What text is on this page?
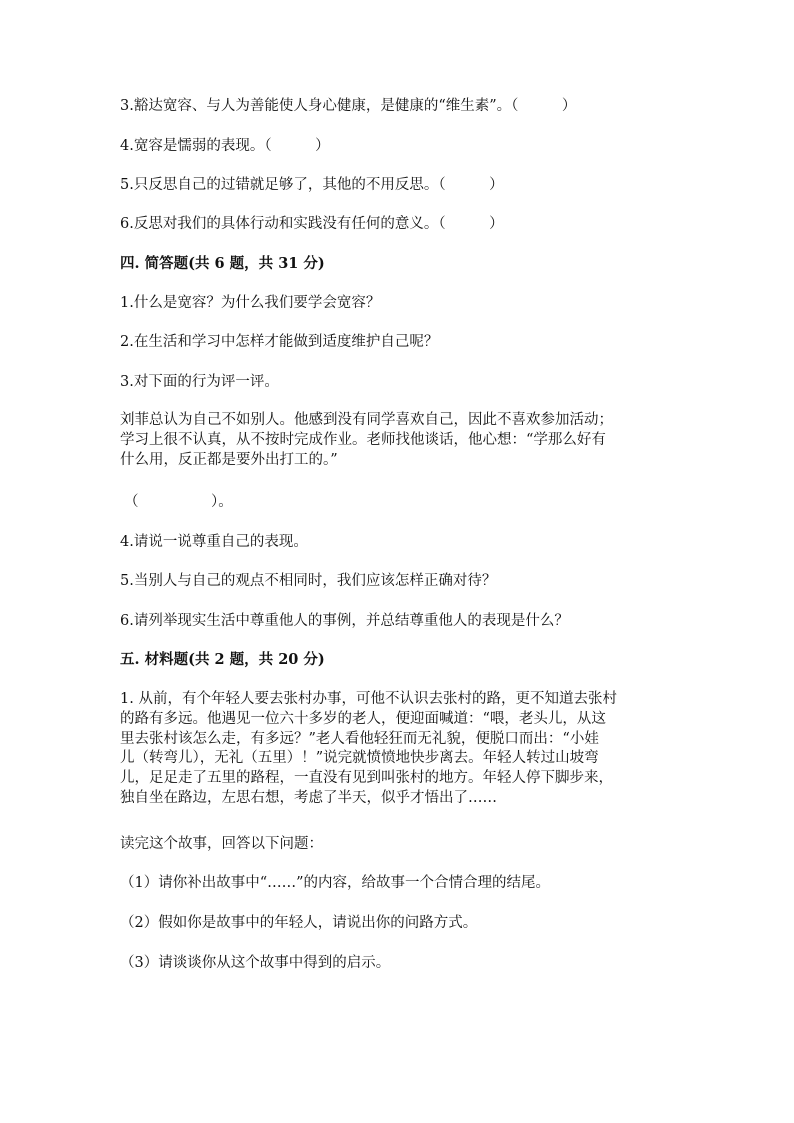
3.豁达宽容、与人为善能使人身心健康，是健康的“维生素”。（　　　）
4.宽容是懦弱的表现。（　　　）
5.只反思自己的过错就足够了，其他的不用反思。（　　　）
6.反思对我们的具体行动和实践没有任何的意义。（　　　）
四. 简答题(共 6 题，共 31 分)
1.什么是宽容？为什么我们要学会宽容？
2.在生活和学习中怎样才能做到适度维护自己呢？
3.对下面的行为评一评。
刘菲总认为自己不如别人。他感到没有同学喜欢自己，因此不喜欢参加活动；
学习上很不认真，从不按时完成作业。老师找他谈话，他心想：“学那么好有
什么用，反正都是要外出打工的。”
（　　　　　）。
4.请说一说尊重自己的表现。
5.当别人与自己的观点不相同时，我们应该怎样正确对待？
6.请列举现实生活中尊重他人的事例，并总结尊重他人的表现是什么？
五. 材料题(共 2 题，共 20 分)
1. 从前，有个年轻人要去张村办事，可他不认识去张村的路，更不知道去张村
的路有多远。他遇见一位六十多岁的老人，便迎面喊道：“喂，老头儿，从这
里去张村该怎么走，有多远？”老人看他轻狂而无礼貌，便脱口而出：“小娃
儿（转弯儿），无礼（五里）！”说完就愤愤地快步离去。年轻人转过山坡弯
儿，足足走了五里的路程，一直没有见到叫张村的地方。年轻人停下脚步来，
独自坐在路边，左思右想，考虑了半天，似乎才悟出了……
读完这个故事，回答以下问题：
（1）请你补出故事中“……”的内容，给故事一个合情合理的结尾。
（2）假如你是故事中的年轻人，请说出你的问路方式。
（3）请谈谈你从这个故事中得到的启示。
